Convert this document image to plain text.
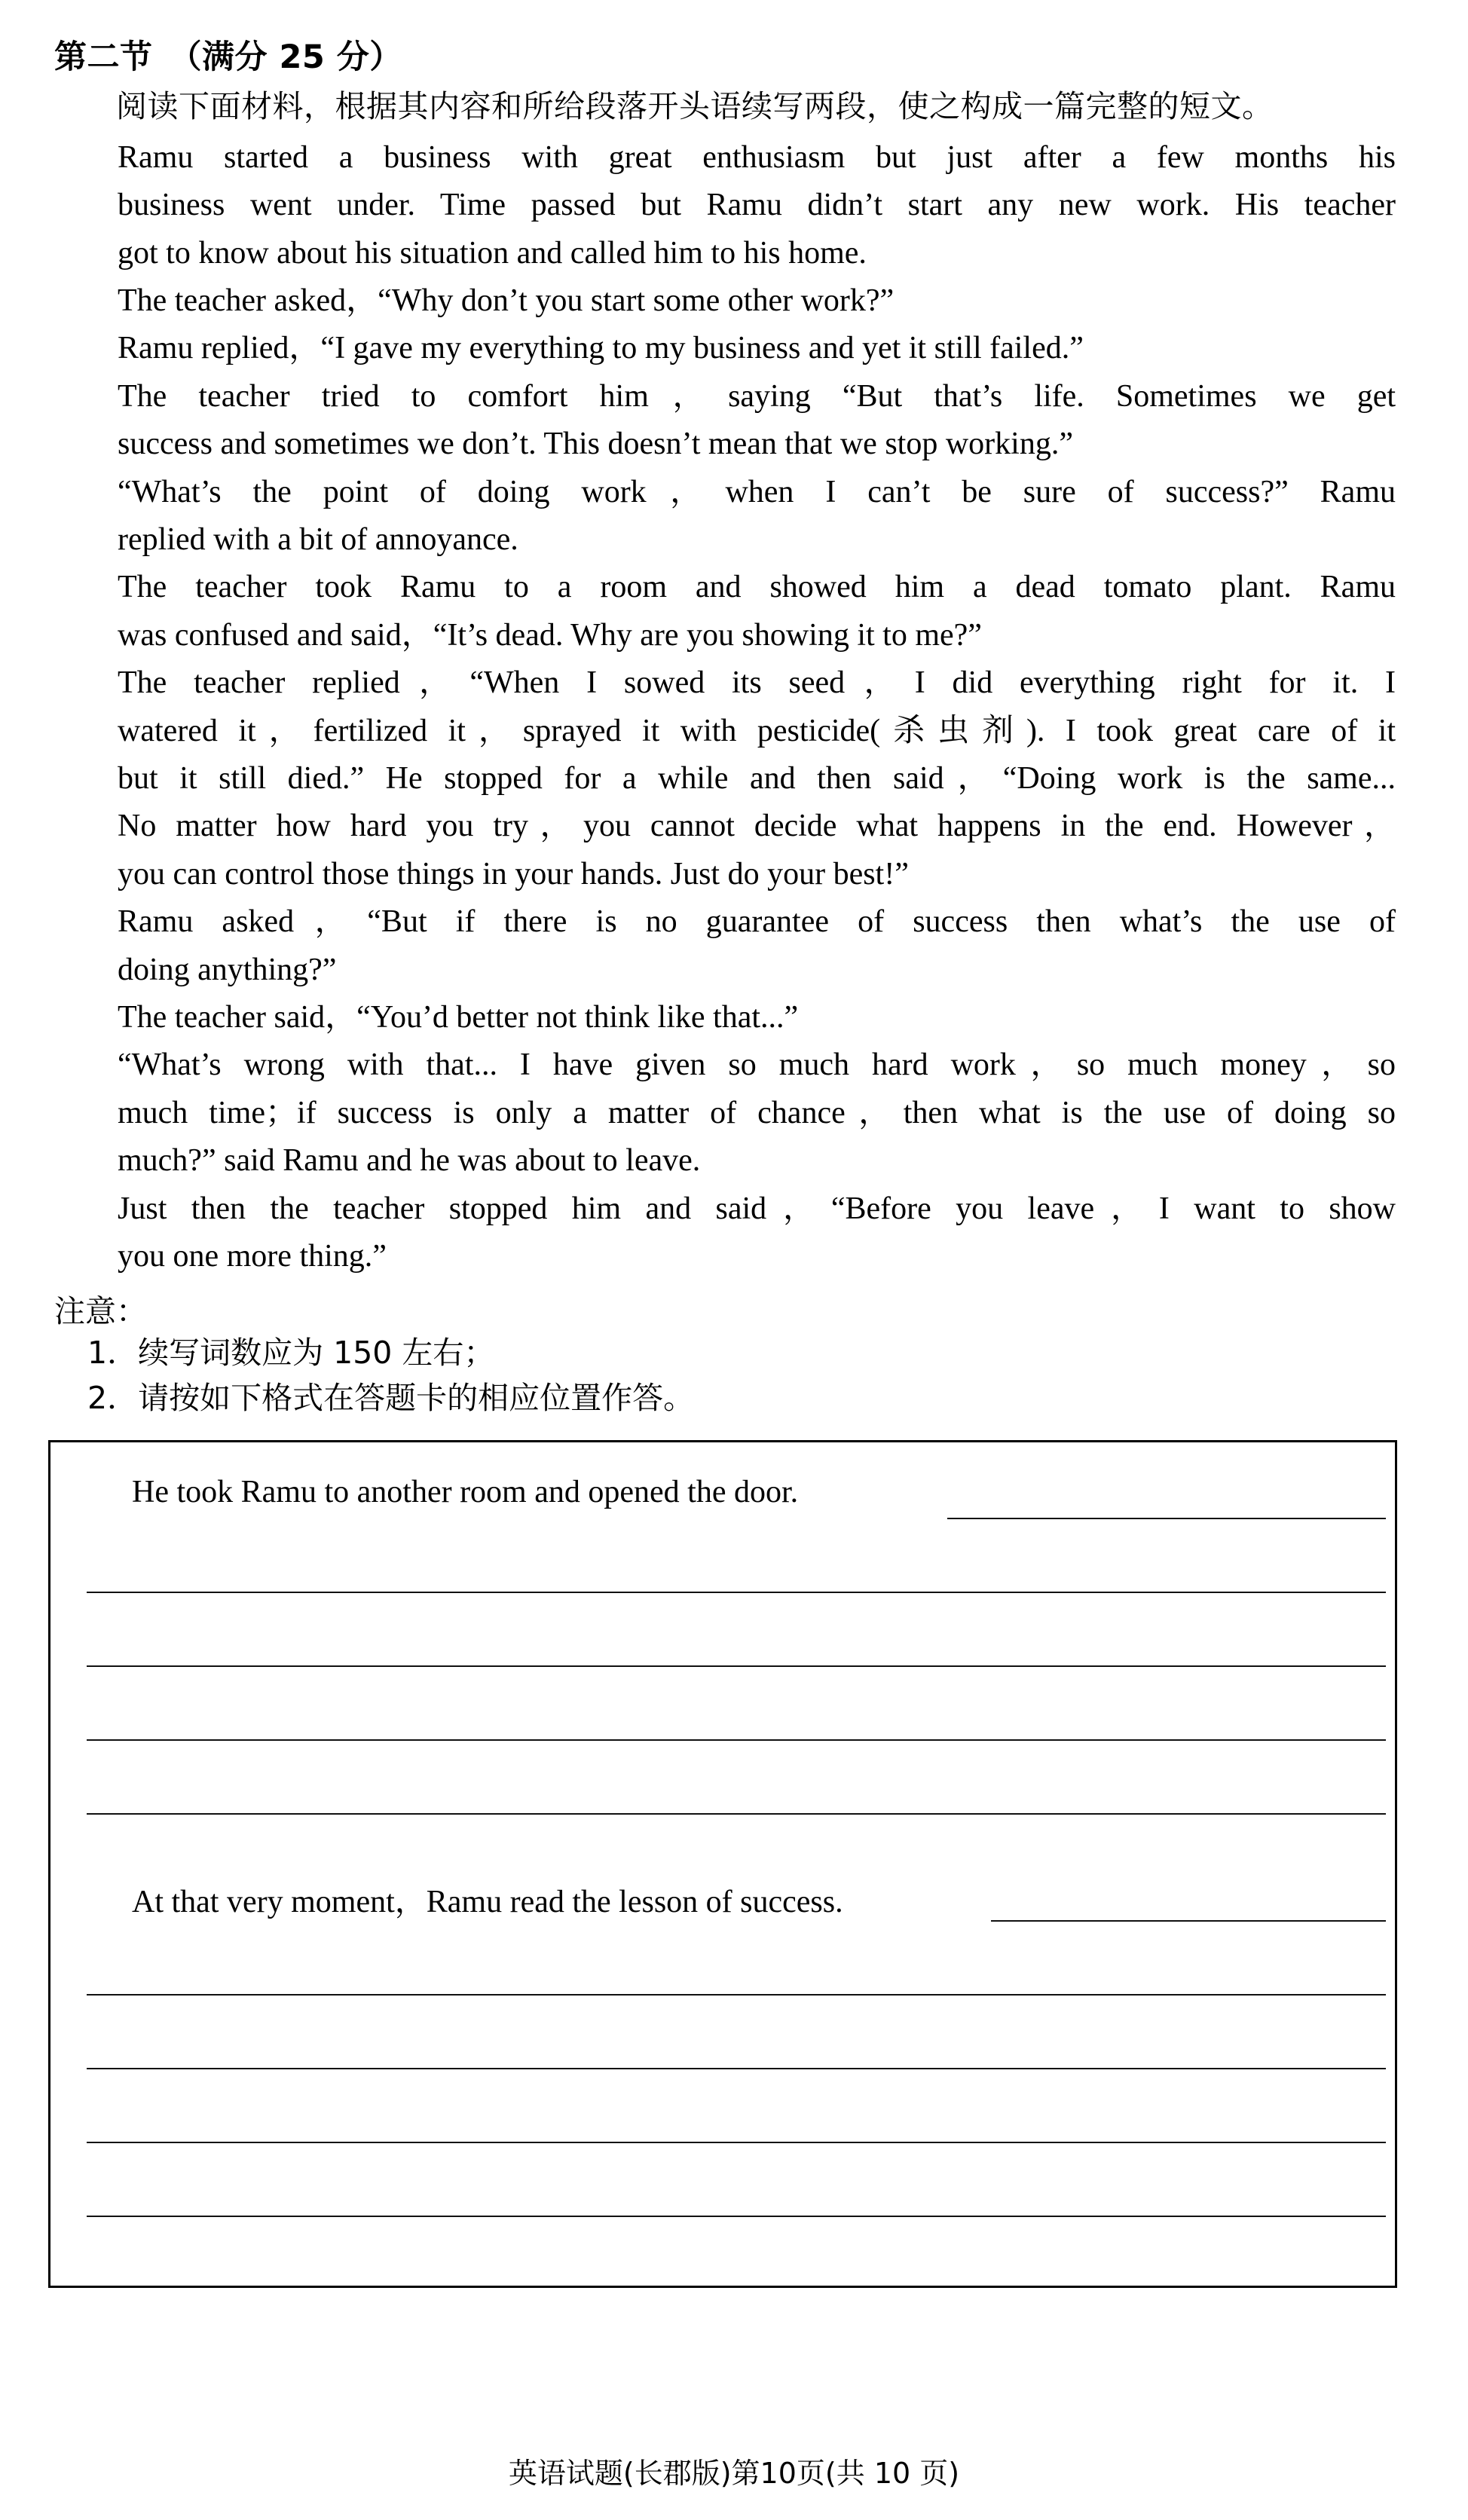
第二节　（满分 25 分）
阅读下面材料，根据其内容和所给段落开头语续写两段，使之构成一篇完整的短文。

Ramu started a business with great enthusiasm but just after a few months his
business went under. Time passed but Ramu didn’t start any new work. His teacher
got to know about his situation and called him to his home.

The teacher asked，“Why don’t you start some other work?”

Ramu replied，“I gave my everything to my business and yet it still failed.”

The teacher tried to comfort him，saying “But that’s life. Sometimes we get
success and sometimes we don’t. This doesn’t mean that we stop working.”

“What’s the point of doing work，when I can’t be sure of success?” Ramu
replied with a bit of annoyance.

The teacher took Ramu to a room and showed him a dead tomato plant. Ramu
was confused and said，“It’s dead. Why are you showing it to me?”

The teacher replied，“When I sowed its seed，I did everything right for it. I
watered it，fertilized it，sprayed it with pesticide(杀虫剂). I took great care of it
but it still died.” He stopped for a while and then said，“Doing work is the same...
No matter how hard you try，you cannot decide what happens in the end. However，
you can control those things in your hands. Just do your best!”

Ramu asked，“But if there is no guarantee of success then what’s the use of
doing anything?”

The teacher said，“You’d better not think like that...”

“What’s wrong with that... I have given so much hard work，so much money，so
much time；if success is only a matter of chance，then what is the use of doing so
much?” said Ramu and he was about to leave.

Just then the teacher stopped him and said，“Before you leave，I want to show
you one more thing.”

注意：
1．续写词数应为 150 左右；
2．请按如下格式在答题卡的相应位置作答。
He took Ramu to another room and opened the door.
At that very moment，Ramu read the lesson of success.
英语试题(长郡版)第10页(共 10 页)
